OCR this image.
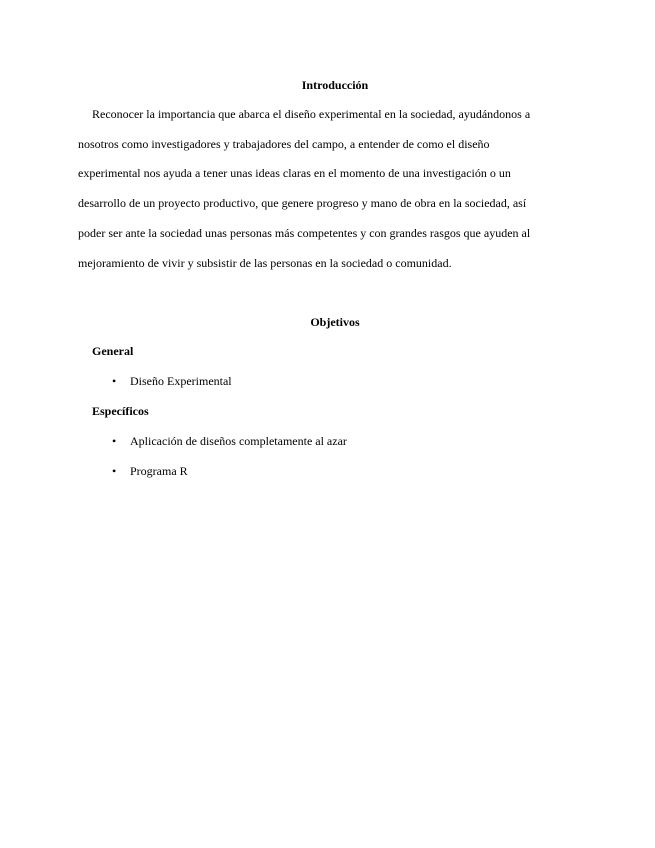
Introducción
Reconocer la importancia que abarca el diseño experimental en la sociedad, ayudándonos a
nosotros como investigadores y trabajadores del campo, a entender de como el diseño
experimental nos ayuda a tener unas ideas claras en el momento de una investigación o un
desarrollo de un proyecto productivo, que genere progreso y mano de obra en la sociedad, así
poder ser ante la sociedad unas personas más competentes y con grandes rasgos que ayuden al
mejoramiento de vivir y subsistir de las personas en la sociedad o comunidad.
Objetivos
General
• Diseño Experimental
Específicos
• Aplicación de diseños completamente al azar
• Programa R
